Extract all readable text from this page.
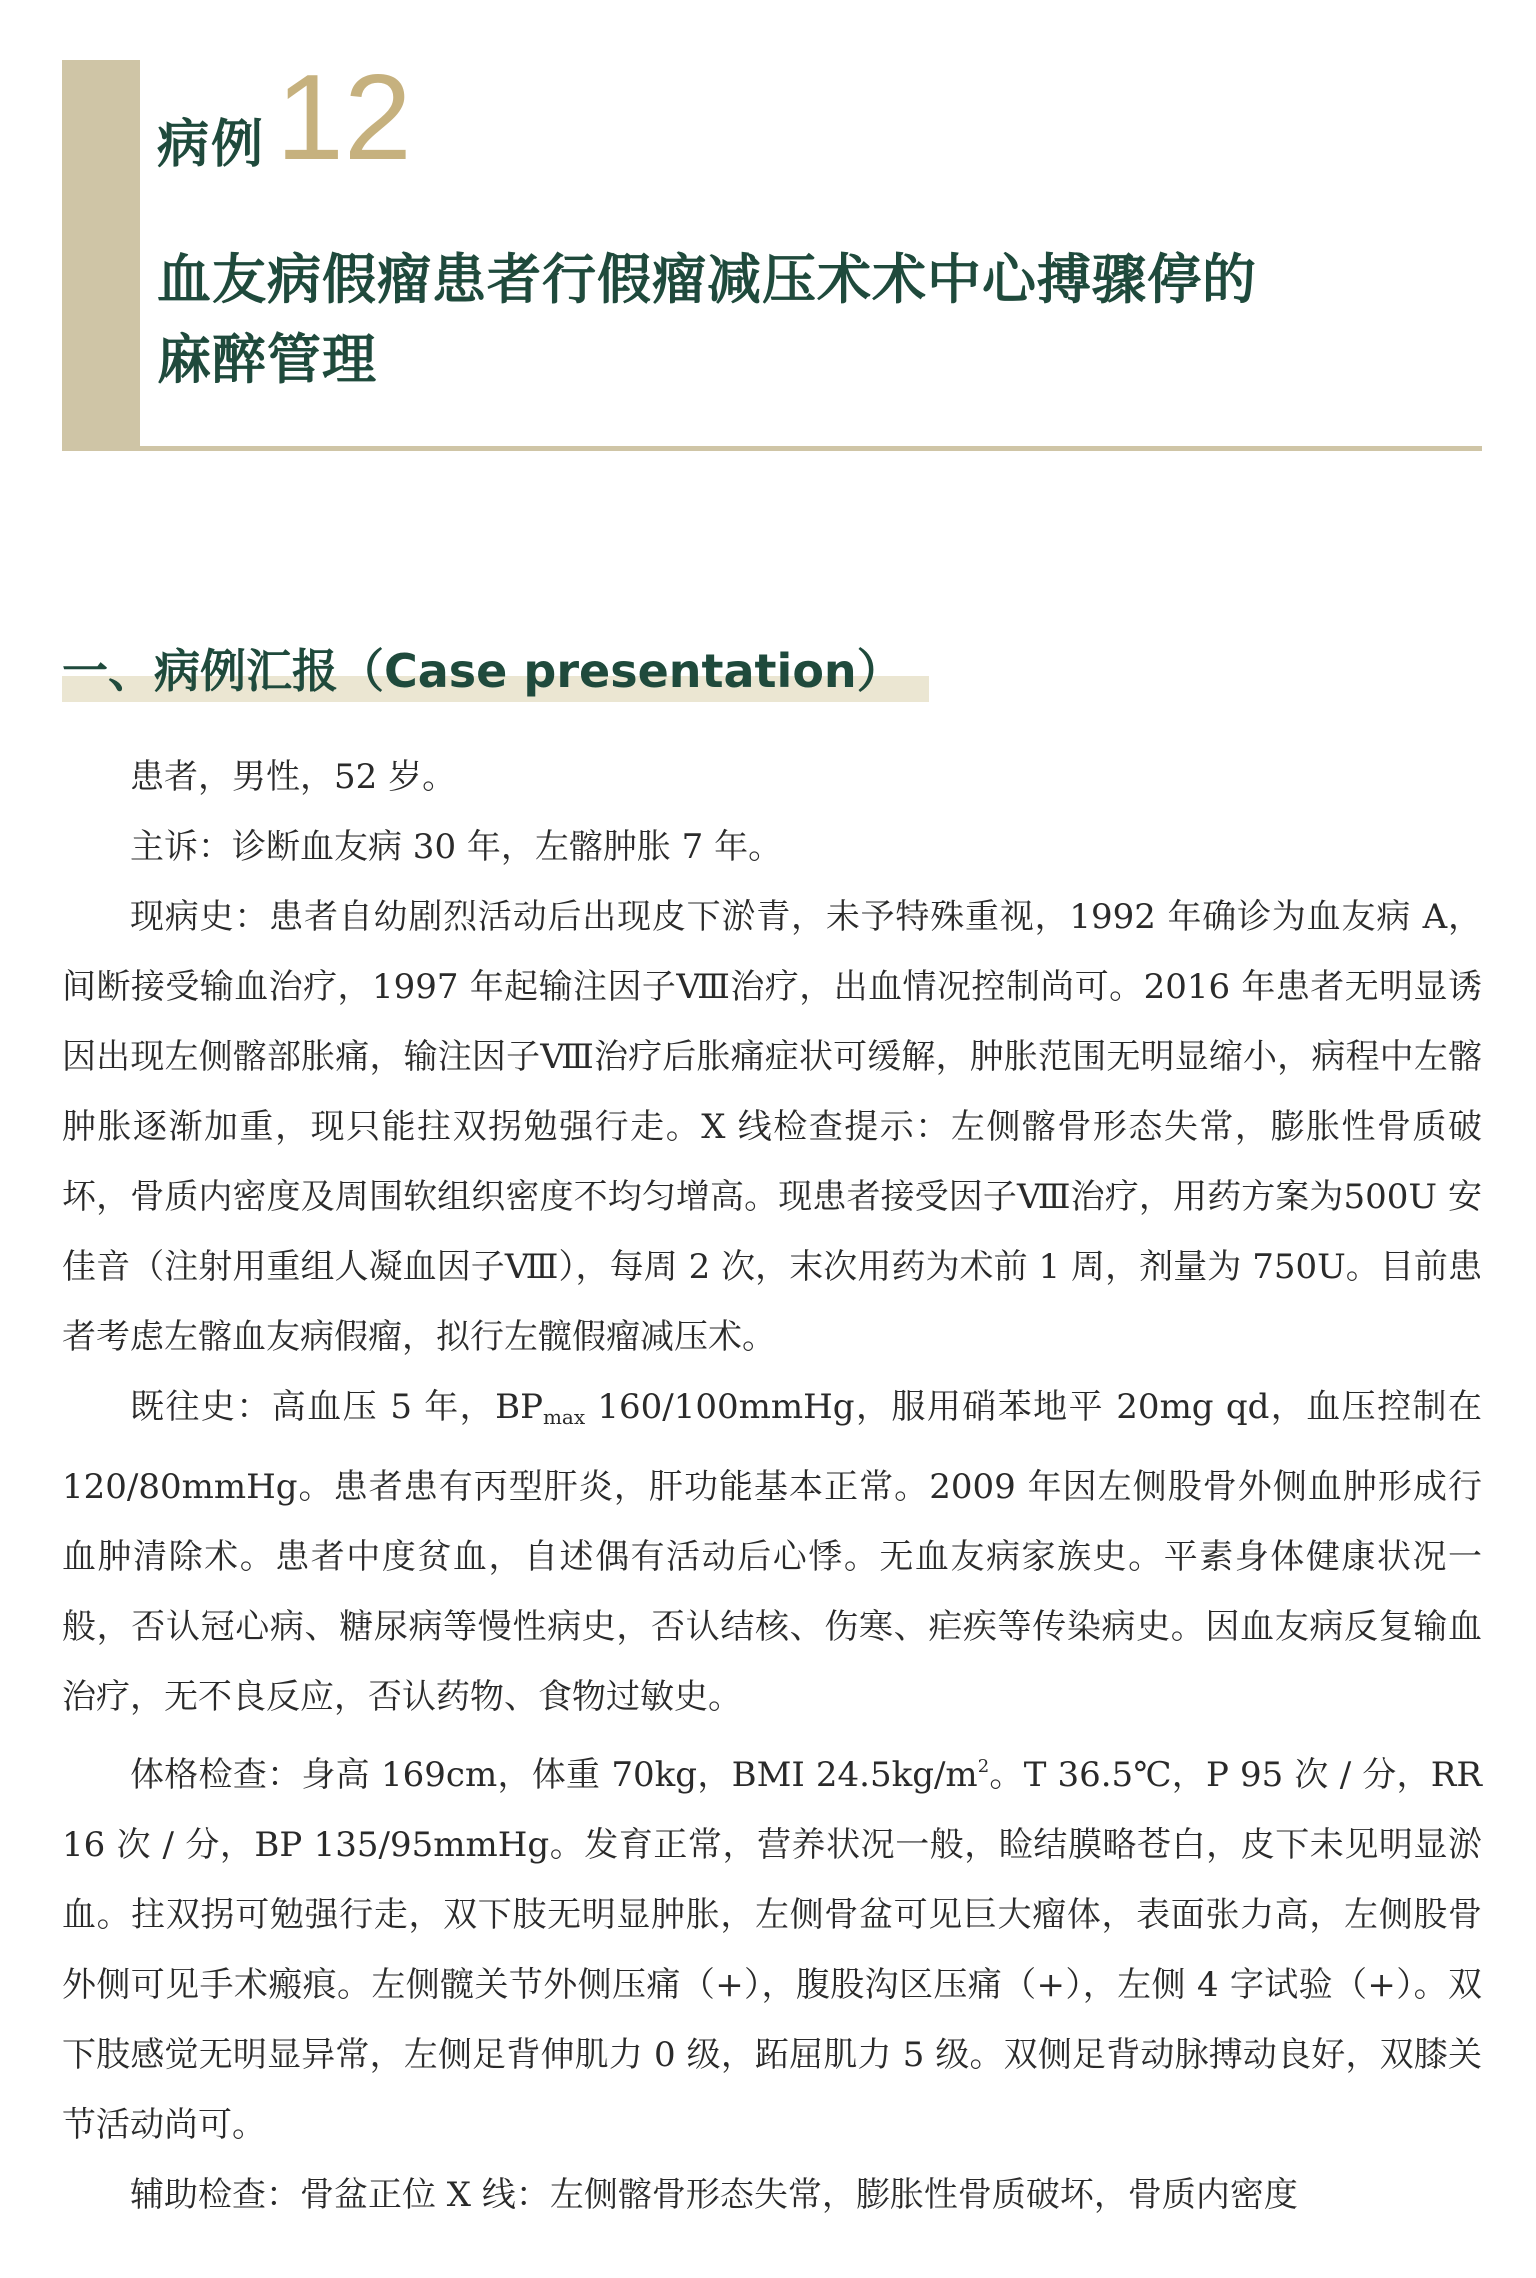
病例 12
血友病假瘤患者行假瘤减压术术中心搏骤停的
麻醉管理
一、病例汇报（Case presentation）

患者，男性，52 岁。

主诉：诊断血友病 30 年，左髂肿胀 7 年。

现病史：患者自幼剧烈活动后出现皮下淤青，未予特殊重视，1992 年确诊为血友病 A，间断接受输血治疗，1997 年起输注因子Ⅷ治疗，出血情况控制尚可。2016 年患者无明显诱因出现左侧髂部胀痛，输注因子Ⅷ治疗后胀痛症状可缓解，肿胀范围无明显缩小，病程中左髂肿胀逐渐加重，现只能拄双拐勉强行走。X 线检查提示：左侧髂骨形态失常，膨胀性骨质破坏，骨质内密度及周围软组织密度不均匀增高。现患者接受因子Ⅷ治疗，用药方案为500U 安佳音（注射用重组人凝血因子Ⅷ），每周 2 次，末次用药为术前 1 周，剂量为 750U。目前患者考虑左髂血友病假瘤，拟行左髋假瘤减压术。

既往史：高血压 5 年，$BP_{max}$ 160/100mmHg，服用硝苯地平 20mg qd，血压控制在 120/80mmHg。患者患有丙型肝炎，肝功能基本正常。2009 年因左侧股骨外侧血肿形成行血肿清除术。患者中度贫血，自述偶有活动后心悸。无血友病家族史。平素身体健康状况一般，否认冠心病、糖尿病等慢性病史，否认结核、伤寒、疟疾等传染病史。因血友病反复输血治疗，无不良反应，否认药物、食物过敏史。

体格检查：身高 169cm，体重 70kg，BMI $24.5kg/m^2$。T 36.5℃，P 95 次 / 分，RR 16 次 / 分，BP 135/95mmHg。发育正常，营养状况一般，睑结膜略苍白，皮下未见明显淤血。拄双拐可勉强行走，双下肢无明显肿胀，左侧骨盆可见巨大瘤体，表面张力高，左侧股骨外侧可见手术瘢痕。左侧髋关节外侧压痛（+），腹股沟区压痛（+），左侧 4 字试验（+）。双下肢感觉无明显异常，左侧足背伸肌力 0 级，跖屈肌力 5 级。双侧足背动脉搏动良好，双膝关节活动尚可。

辅助检查：骨盆正位 X 线：左侧髂骨形态失常，膨胀性骨质破坏，骨质内密度
